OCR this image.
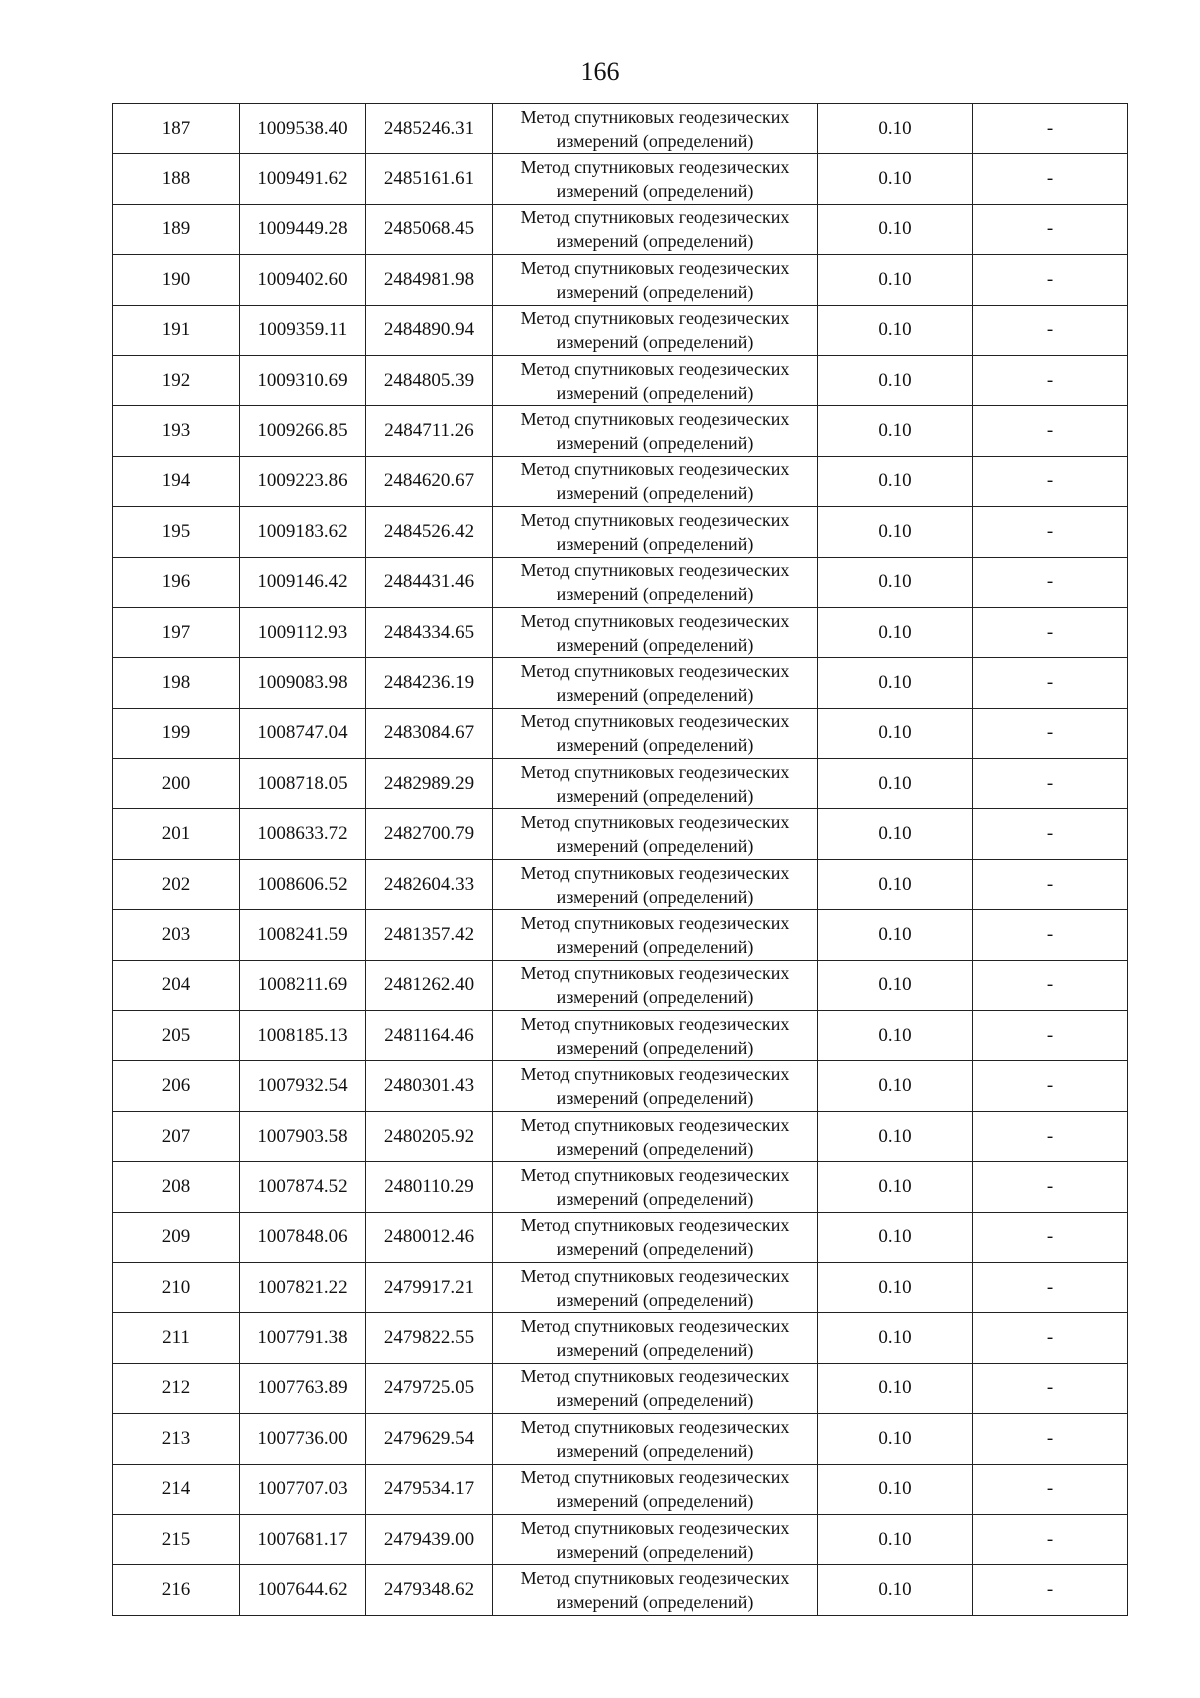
166
187	1009538.40	2485246.31	Метод спутниковых геодезических измерений (определений)	0.10	-
188	1009491.62	2485161.61	Метод спутниковых геодезических измерений (определений)	0.10	-
189	1009449.28	2485068.45	Метод спутниковых геодезических измерений (определений)	0.10	-
190	1009402.60	2484981.98	Метод спутниковых геодезических измерений (определений)	0.10	-
191	1009359.11	2484890.94	Метод спутниковых геодезических измерений (определений)	0.10	-
192	1009310.69	2484805.39	Метод спутниковых геодезических измерений (определений)	0.10	-
193	1009266.85	2484711.26	Метод спутниковых геодезических измерений (определений)	0.10	-
194	1009223.86	2484620.67	Метод спутниковых геодезических измерений (определений)	0.10	-
195	1009183.62	2484526.42	Метод спутниковых геодезических измерений (определений)	0.10	-
196	1009146.42	2484431.46	Метод спутниковых геодезических измерений (определений)	0.10	-
197	1009112.93	2484334.65	Метод спутниковых геодезических измерений (определений)	0.10	-
198	1009083.98	2484236.19	Метод спутниковых геодезических измерений (определений)	0.10	-
199	1008747.04	2483084.67	Метод спутниковых геодезических измерений (определений)	0.10	-
200	1008718.05	2482989.29	Метод спутниковых геодезических измерений (определений)	0.10	-
201	1008633.72	2482700.79	Метод спутниковых геодезических измерений (определений)	0.10	-
202	1008606.52	2482604.33	Метод спутниковых геодезических измерений (определений)	0.10	-
203	1008241.59	2481357.42	Метод спутниковых геодезических измерений (определений)	0.10	-
204	1008211.69	2481262.40	Метод спутниковых геодезических измерений (определений)	0.10	-
205	1008185.13	2481164.46	Метод спутниковых геодезических измерений (определений)	0.10	-
206	1007932.54	2480301.43	Метод спутниковых геодезических измерений (определений)	0.10	-
207	1007903.58	2480205.92	Метод спутниковых геодезических измерений (определений)	0.10	-
208	1007874.52	2480110.29	Метод спутниковых геодезических измерений (определений)	0.10	-
209	1007848.06	2480012.46	Метод спутниковых геодезических измерений (определений)	0.10	-
210	1007821.22	2479917.21	Метод спутниковых геодезических измерений (определений)	0.10	-
211	1007791.38	2479822.55	Метод спутниковых геодезических измерений (определений)	0.10	-
212	1007763.89	2479725.05	Метод спутниковых геодезических измерений (определений)	0.10	-
213	1007736.00	2479629.54	Метод спутниковых геодезических измерений (определений)	0.10	-
214	1007707.03	2479534.17	Метод спутниковых геодезических измерений (определений)	0.10	-
215	1007681.17	2479439.00	Метод спутниковых геодезических измерений (определений)	0.10	-
216	1007644.62	2479348.62	Метод спутниковых геодезических измерений (определений)	0.10	-
